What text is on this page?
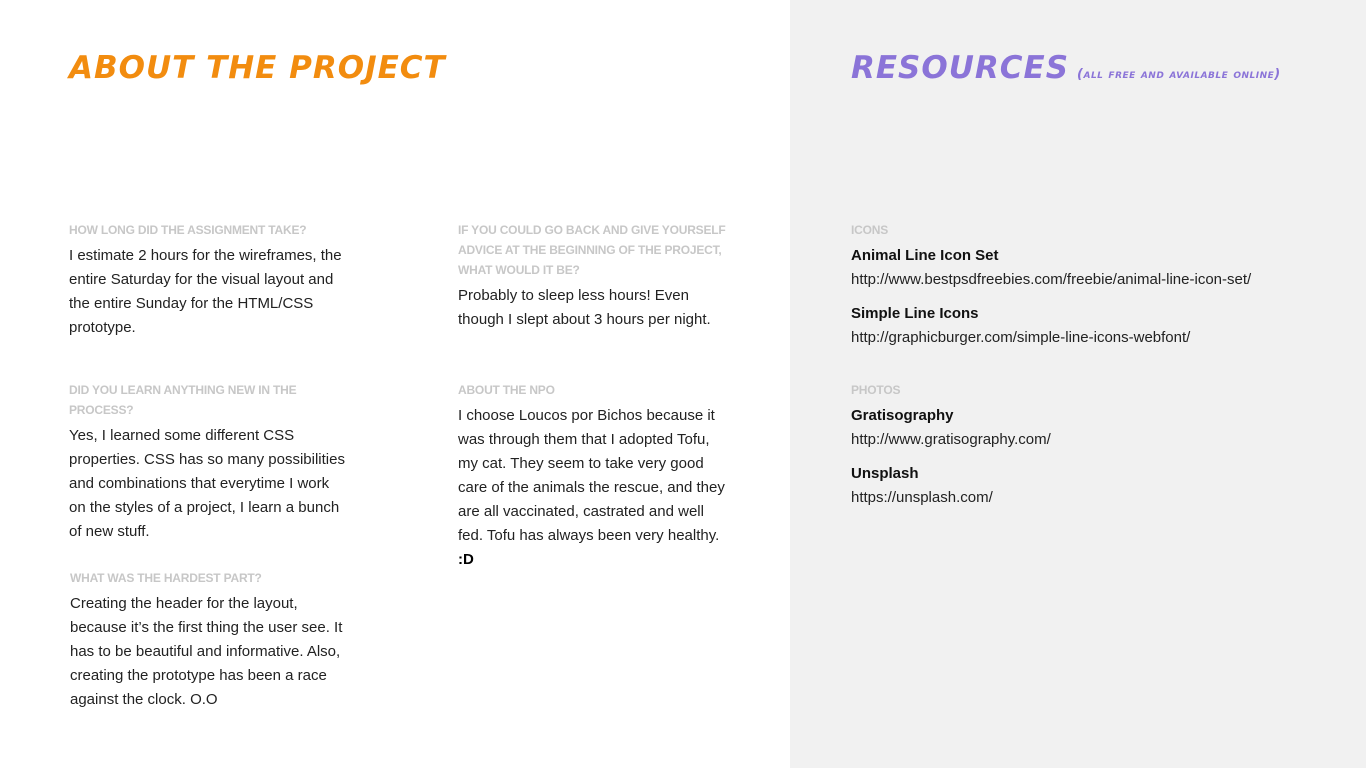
ABOUT THE PROJECT	RESOURCES (all free and available online)

HOW LONG DID THE ASSIGNMENT TAKE?

I estimate 2 hours for the wireframes, the entire Saturday for the visual layout and the entire Sunday for the HTML/CSS prototype.

DID YOU LEARN ANYTHING NEW IN THE PROCESS?

Yes, I learned some different CSS properties. CSS has so many possibilities and combinations that everytime I work on the styles of a project, I learn a bunch of new stuff.

WHAT WAS THE HARDEST PART?

Creating the header for the layout, because it’s the first thing the user see. It has to be beautiful and informative. Also, creating the prototype has been a race against the clock. O.O

IF YOU COULD GO BACK AND GIVE YOURSELF ADVICE AT THE BEGINNING OF THE PROJECT, WHAT WOULD IT BE?

Probably to sleep less hours! Even though I slept about 3 hours per night.

ABOUT THE NPO

I choose Loucos por Bichos because it was through them that I adopted Tofu, my cat. They seem to take very good care of the animals the rescue, and they are all vaccinated, castrated and well fed. Tofu has always been very healthy. :D

ICONS

Animal Line Icon Set
http://www.bestpsdfreebies.com/freebie/animal-line-icon-set/
Simple Line Icons
http://graphicburger.com/simple-line-icons-webfont/

PHOTOS

Gratisography
http://www.gratisography.com/
Unsplash
https://unsplash.com/
